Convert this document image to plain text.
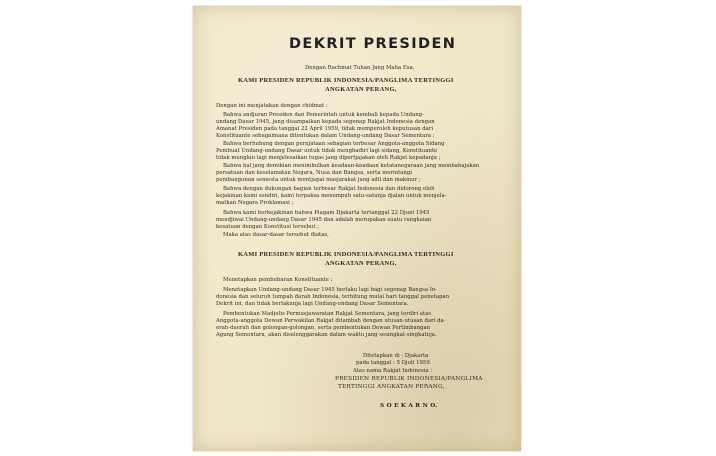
DEKRIT PRESIDEN
Dengan Rachmat Tuhan Jang Maha Esa,
KAMI PRESIDEN REPUBLIK INDONESIA/PANGLIMA TERTINGGI
ANGKATAN PERANG,
Dengan ini menjatakan dengan chidmat :
Bahwa andjuran Presiden dan Pemerintah untuk kembali kepada Undang-
undang Dasar 1945, jang disampaikan kepada segenap Rakjat Indonesia dengan
Amanat Presiden pada tanggal 22 April 1959, tidak memperoleh keputusan dari
Konstituante sebagaimana ditentukan dalam Undang-undang Dasar Sementara ;
Bahwa berhubung dengan pernjataan sebagian terbesar Anggota-anggota Sidang
Pembuat Undang-undang Dasar untuk tidak menghadiri lagi sidang, Konstituante
tidak mungkin lagi menjelesaikan tugas jang dipertjajakan oleh Rakjat kepadanja ;
Bahwa hal jang demikian menimbulkan keadaan-keadaan ketatanegaraan jang membahajakan
persatuan dan keselamatan Negara, Nusa dan Bangsa, serta merintangi
pembangunan semesta untuk mentjapai masjarakat jang adil dan makmur ;
Bahwa dengan dukungan bagian terbesar Rakjat Indonesia dan didorong oleh
kejakinan kami sendiri, kami terpaksa menempuh satu-satunja djalan untuk menjela-
matkan Negara Proklamasi ;
Bahwa kami berkejakinan bahwa Piagam Djakarta tertanggal 22 Djuni 1945
mendjiwai Undang-undang Dasar 1945 dan adalah merupakan suatu rangkaian
kesatuan dengan Konstitusi tersebut ;
Maka atas dasar-dasar tersebut diatas,
KAMI PRESIDEN REPUBLIK INDONESIA/PANGLIMA TERTINGGI
ANGKATAN PERANG,
Menetapkan pembubaran Konstituante ;
Menetapkan Undang-undang Dasar 1945 berlaku lagi bagi segenap Bangsa In-
donesia dan seluruh tumpah darah Indonesia, terhitung mulai hari tanggal penetapan
Dekrit ini, dan tidak berlakunja lagi Undang-undang Dasar Sementara.
Pembentukan Madjelis Permusjawaratan Rakjat Sementara, jang terdiri atas
Anggota-anggota Dewan Perwakilan Rakjat ditambah dengan utusan-utusan dari da-
erah-daerah dan golongan-golongan, serta pembentukan Dewan Pertimbangan
Agung Sementara, akan diselenggarakan dalam waktu jang sesingkat-singkatnja.
Ditetapkan di : Djakarta
pada tanggal : 5 Djuli 1959.
Atas nama Rakjat Indonesia :
PRESIDEN REPUBLIK INDONESIA/PANGLIMA
TERTINGGI ANGKATAN PERANG,
S O E K A R N O.
